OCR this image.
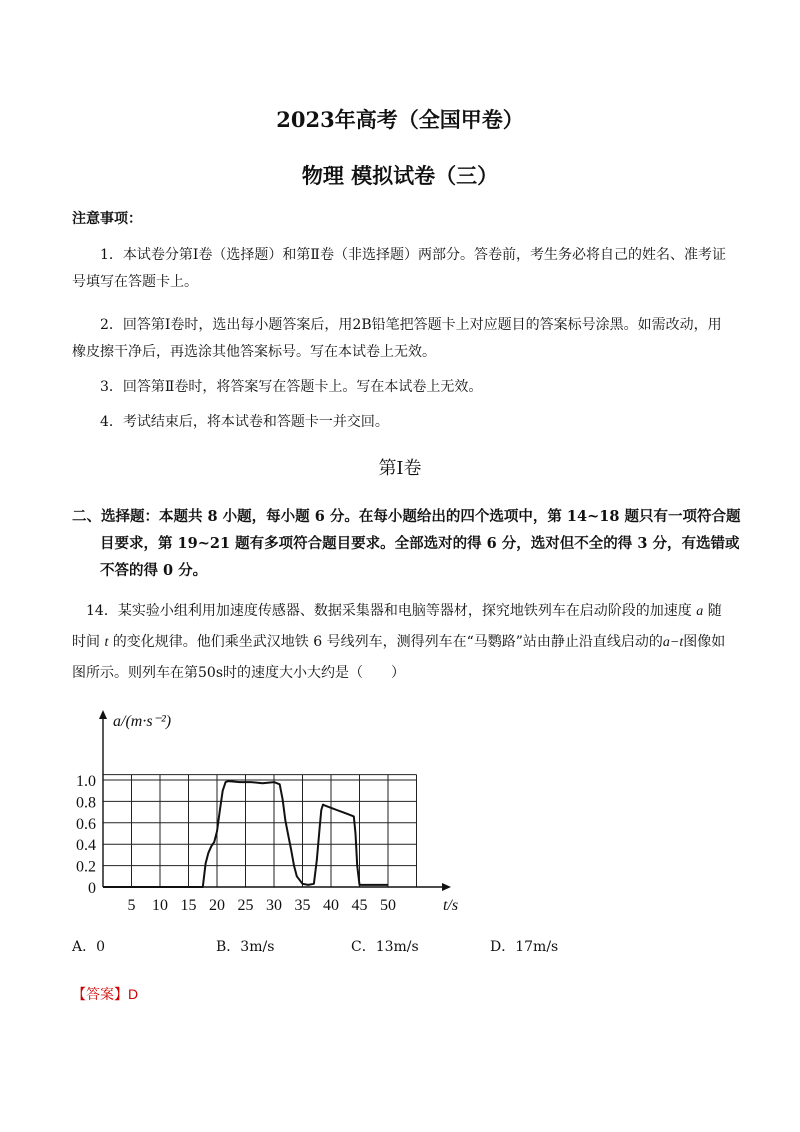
2023年高考（全国甲卷）
物理 模拟试卷（三）
注意事项：
1．本试卷分第Ⅰ卷（选择题）和第Ⅱ卷（非选择题）两部分。答卷前，考生务必将自己的姓名、准考证号填写在答题卡上。
2．回答第Ⅰ卷时，选出每小题答案后，用2B铅笔把答题卡上对应题目的答案标号涂黑。如需改动，用橡皮擦干净后，再选涂其他答案标号。写在本试卷上无效。
3．回答第Ⅱ卷时，将答案写在答题卡上。写在本试卷上无效。
4．考试结束后，将本试卷和答题卡一并交回。
第Ⅰ卷
二、选择题：本题共 8 小题，每小题 6 分。在每小题给出的四个选项中，第 14~18 题只有一项符合题目要求，第 19~21 题有多项符合题目要求。全部选对的得 6 分，选对但不全的得 3 分，有选错或不答的得 0 分。
14．某实验小组利用加速度传感器、数据采集器和电脑等器材，探究地铁列车在启动阶段的加速度 a 随时间 t 的变化规律。他们乘坐武汉地铁 6 号线列车，测得列车在“马鹦路”站由静止沿直线启动的a−t图像如图所示。则列车在第50s时的速度大小大约是（　　）
5 10 15 20 25 30 35 40 45 50
0.2
0.4
0.6
0.8
1.0
0
a/(m·s⁻²)
t/s
A．0	B．3m/s	C．13m/s	D．17m/s
【答案】D
